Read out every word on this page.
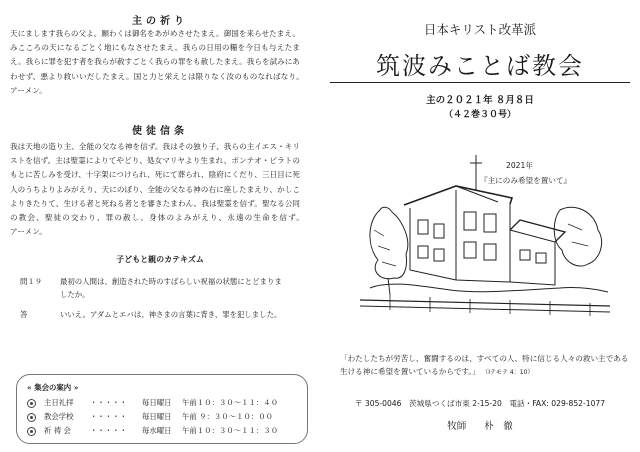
主の祈り
天にまします我らの父よ。願わくは御名をあがめさせたまえ。御国を来らせたまえ。みこころの天になるごとく地にもなさせたまえ。我らの日用の糧を今日も与えたまえ。我らに罪を犯す者を我らが赦すごとく我らの罪をも赦したまえ。我らを試みにあわせず、悪より救いいだしたまえ。国と力と栄えとは限りなく汝のものなればなり。　　　アーメン。
使徒信条
我は天地の造り主、全能の父なる神を信ず。我はその独り子、我らの主イエス・キリストを信ず。主は聖霊によりてやどり、処女マリヤより生まれ、ポンテオ・ピラトのもとに苦しみを受け、十字架につけられ、死にて葬られ、陰府にくだり、三日目に死人のうちよりよみがえり、天にのぼり、全能の父なる神の右に座したまえり、かしこよりきたりて、生ける者と死ねる者とを審きたまわん。我は聖霊を信ず。聖なる公同の教会、聖徒の交わり、罪の赦し、身体のよみがえり、永遠の生命を信ず。　　　　アーメン。
子どもと親のカテキズム
問１９	最初の人間は、創造された時のすばらしい祝福の状態にとどまりましたか。
答	いいえ。アダムとエバは、神さまの言葉に背き、罪を犯しました。
« 集会の案内 »
主日礼拝	・・・・・	毎日曜日	午前１０：３０～１１：４０
教会学校	・・・・・	毎日曜日	午前 ９：３０～１０：００
祈 祷 会	・・・・・	毎水曜日	午前１０：３０～１１：３０
日本キリスト改革派
筑波みことば教会
主の２０２１年 ８月８日
（４２巻３０号）
2021年
『主にのみ希望を置いて』
「わたしたちが労苦し、奮闘するのは、すべての人、特に信じる人々の救い主である生ける神に希望を置いているからです。」 （Ⅰテモテ 4：10）
〒 305-0046　茨城県つくば市東 2-15-20　電話・FAX: 029-852-1077
牧師 朴　徹
